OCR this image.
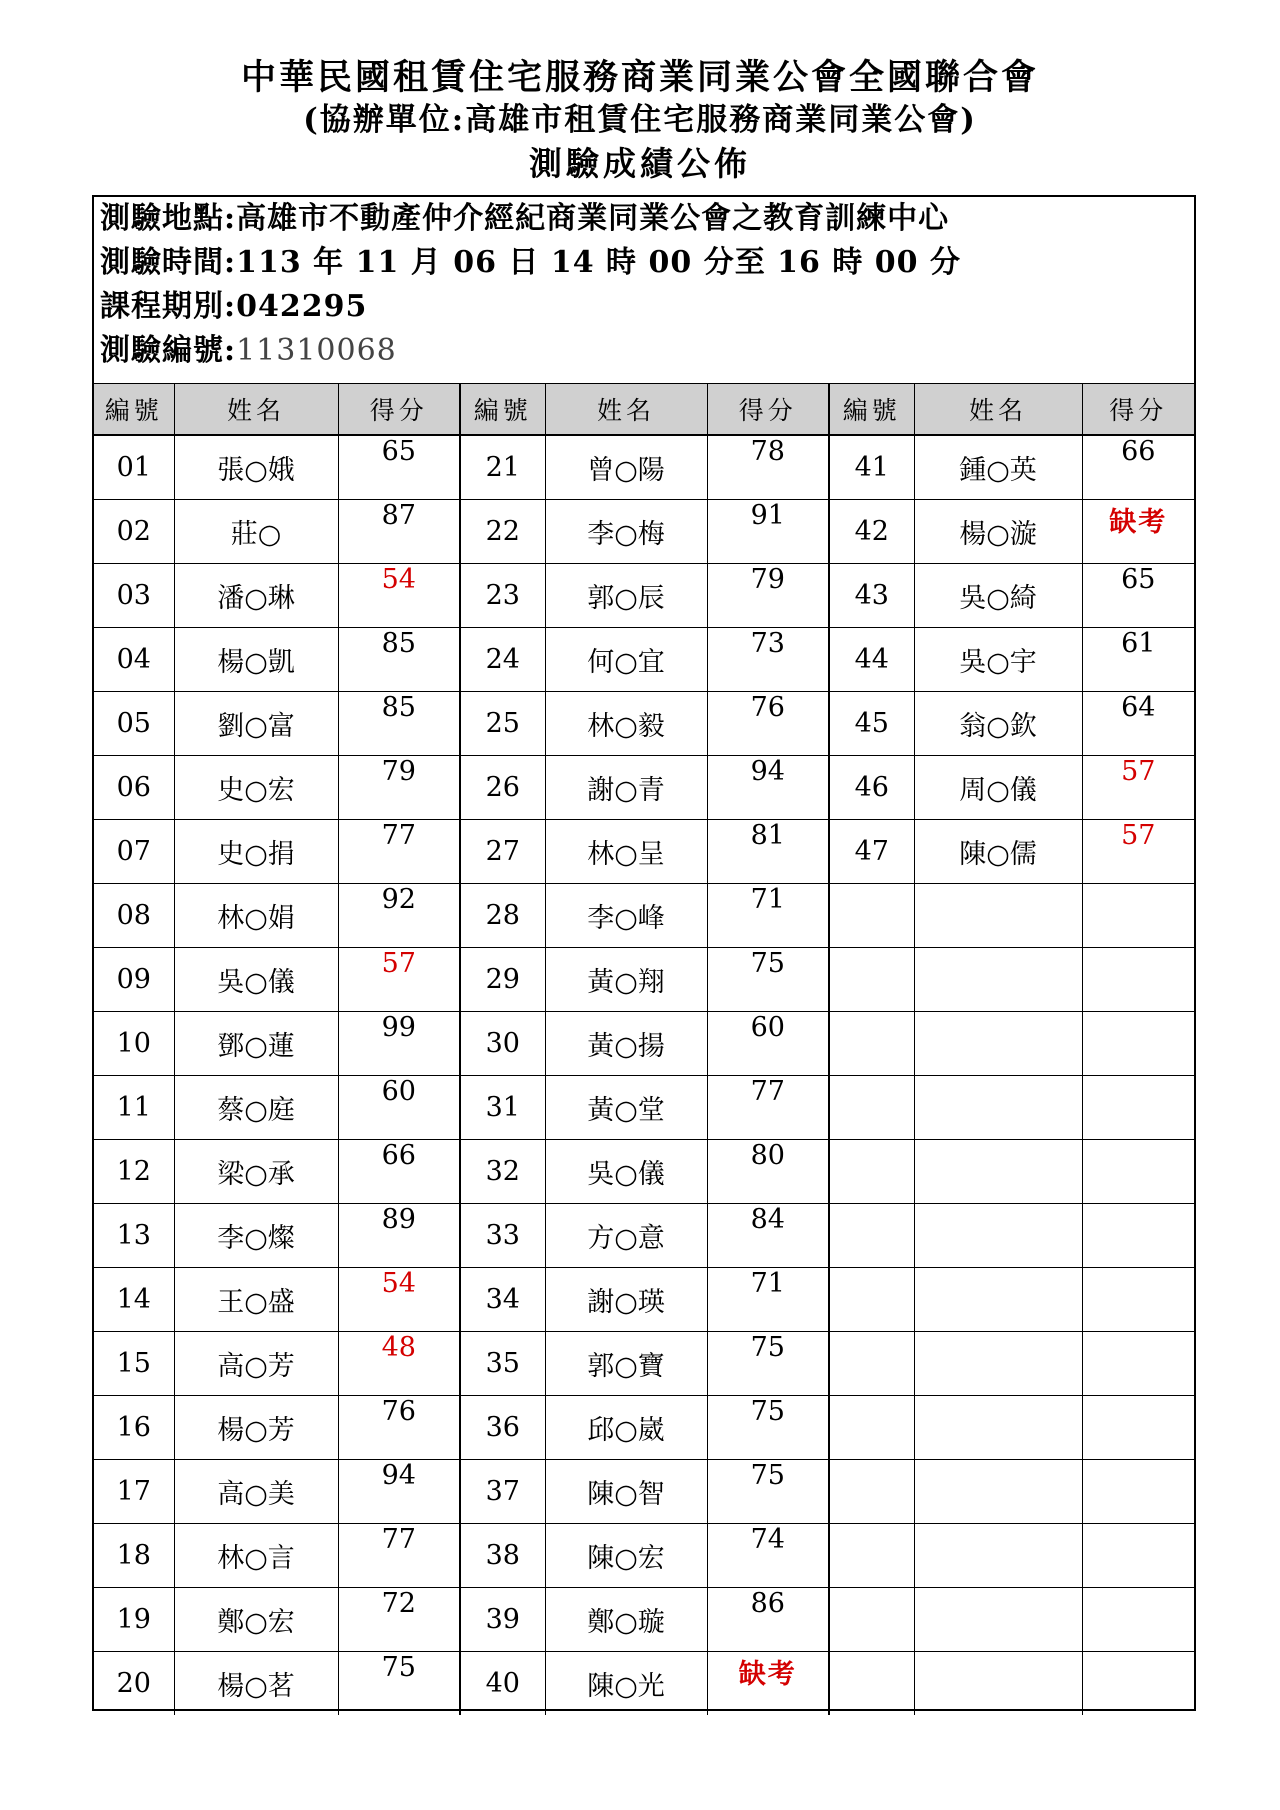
中華民國租賃住宅服務商業同業公會全國聯合會
(協辦單位:高雄市租賃住宅服務商業同業公會)
測驗成績公佈
測驗地點:高雄市不動產仲介經紀商業同業公會之教育訓練中心
測驗時間:113 年 11 月 06 日 14 時 00 分至 16 時 00 分
課程期別:042295
測驗編號:11310068
編號	姓名	得分	編號	姓名	得分	編號	姓名	得分
01	張○娥	65	21	曾○陽	78	41	鍾○英	66
02	莊○	87	22	李○梅	91	42	楊○漩	缺考
03	潘○琳	54	23	郭○辰	79	43	吳○綺	65
04	楊○凱	85	24	何○宜	73	44	吳○宇	61
05	劉○富	85	25	林○毅	76	45	翁○欽	64
06	史○宏	79	26	謝○青	94	46	周○儀	57
07	史○捐	77	27	林○呈	81	47	陳○儒	57
08	林○娟	92	28	李○峰	71			
09	吳○儀	57	29	黃○翔	75			
10	鄧○蓮	99	30	黃○揚	60			
11	蔡○庭	60	31	黃○堂	77			
12	梁○承	66	32	吳○儀	80			
13	李○燦	89	33	方○意	84			
14	王○盛	54	34	謝○瑛	71			
15	高○芳	48	35	郭○寶	75			
16	楊○芳	76	36	邱○崴	75			
17	高○美	94	37	陳○智	75			
18	林○言	77	38	陳○宏	74			
19	鄭○宏	72	39	鄭○璇	86			
20	楊○茗	75	40	陳○光	缺考			
